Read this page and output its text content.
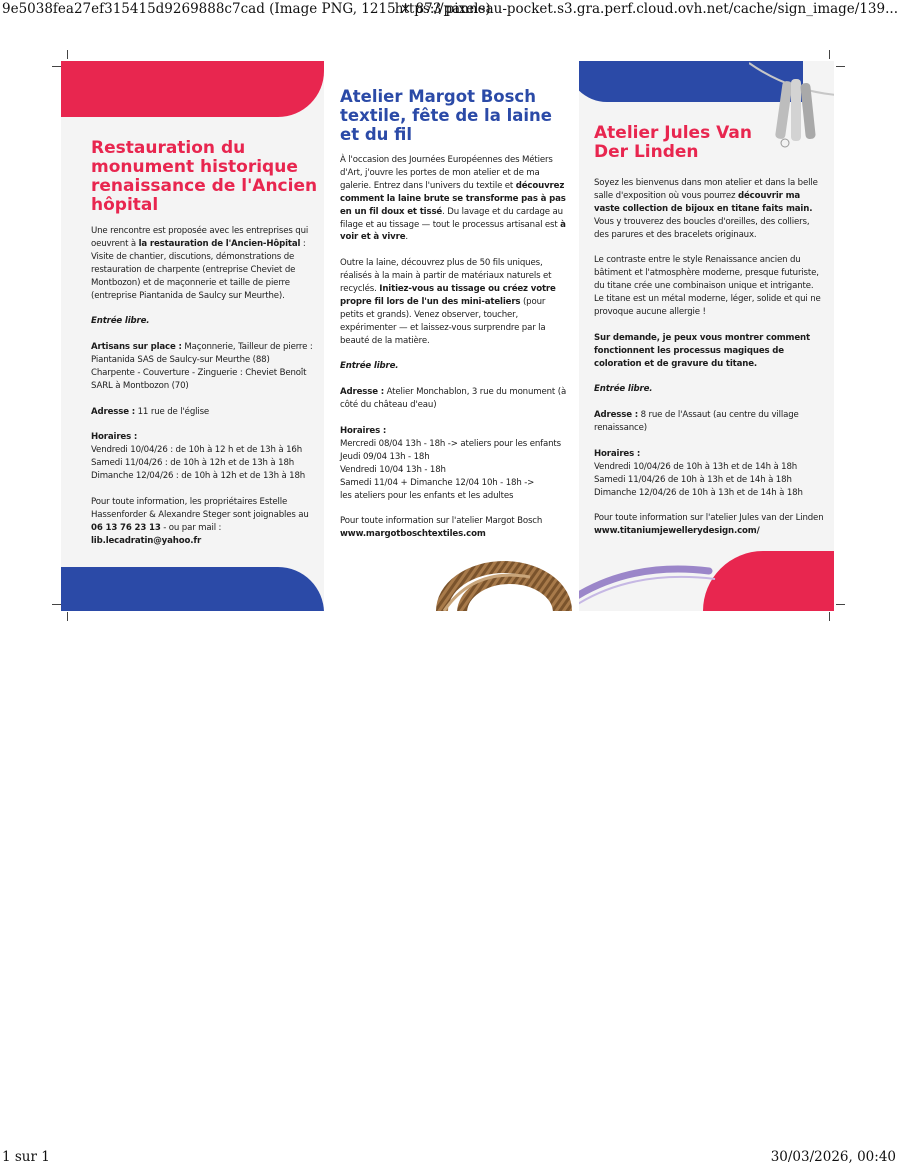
9e5038fea27ef315415d9269888c7cad (Image PNG, 1215 × 873 pixels)
https://panneau-pocket.s3.gra.perf.cloud.ovh.net/cache/sign_image/139...
1 sur 1	30/03/2026, 00:40
Restauration du monument historique renaissance de l'Ancien hôpital

Une rencontre est proposée avec les entreprises qui oeuvrent à la restauration de l'Ancien-Hôpital : Visite de chantier, discutions, démonstrations de restauration de charpente (entreprise Cheviet de Montbozon) et de maçonnerie et taille de pierre (entreprise Piantanida de Saulcy sur Meurthe).

Entrée libre.

Artisans sur place : Maçonnerie, Tailleur de pierre : Piantanida SAS de Saulcy-sur Meurthe (88) Charpente - Couverture - Zinguerie : Cheviet Benoît SARL à Montbozon (70)

Adresse : 11 rue de l'église

Horaires :
Vendredi 10/04/26 : de 10h à 12 h et de 13h à 16h
Samedi 11/04/26 : de 10h à 12h et de 13h à 18h
Dimanche 12/04/26 : de 10h à 12h et de 13h à 18h

Pour toute information, les propriétaires Estelle Hassenforder & Alexandre Steger sont joignables au 06 13 76 23 13 - ou par mail :
lib.lecadratin@yahoo.fr

Atelier Margot Bosch textile, fête de la laine et du fil

À l'occasion des Journées Européennes des Métiers d'Art, j'ouvre les portes de mon atelier et de ma galerie. Entrez dans l'univers du textile et découvrez comment la laine brute se transforme pas à pas en un fil doux et tissé. Du lavage et du cardage au filage et au tissage — tout le processus artisanal est à voir et à vivre.

Outre la laine, découvrez plus de 50 fils uniques, réalisés à la main à partir de matériaux naturels et recyclés. Initiez-vous au tissage ou créez votre propre fil lors de l'un des mini-ateliers (pour petits et grands). Venez observer, toucher, expérimenter — et laissez-vous surprendre par la beauté de la matière.

Entrée libre.

Adresse : Atelier Monchablon, 3 rue du monument (à côté du château d'eau)

Horaires :
Mercredi 08/04 13h - 18h -> ateliers pour les enfants
Jeudi 09/04 13h - 18h
Vendredi 10/04 13h - 18h
Samedi 11/04 + Dimanche 12/04 10h - 18h ->
les ateliers pour les enfants et les adultes

Pour toute information sur l'atelier Margot Bosch
www.margotboschtextiles.com

Atelier Jules Van Der Linden

Soyez les bienvenus dans mon atelier et dans la belle salle d'exposition où vous pourrez découvrir ma vaste collection de bijoux en titane faits main. Vous y trouverez des boucles d'oreilles, des colliers, des parures et des bracelets originaux.

Le contraste entre le style Renaissance ancien du bâtiment et l'atmosphère moderne, presque futuriste, du titane crée une combinaison unique et intrigante. Le titane est un métal moderne, léger, solide et qui ne provoque aucune allergie !

Sur demande, je peux vous montrer comment fonctionnent les processus magiques de coloration et de gravure du titane.

Entrée libre.

Adresse : 8 rue de l'Assaut (au centre du village renaissance)

Horaires :
Vendredi 10/04/26 de 10h à 13h et de 14h à 18h
Samedi 11/04/26 de 10h à 13h et de 14h à 18h
Dimanche 12/04/26 de 10h à 13h et de 14h à 18h

Pour toute information sur l'atelier Jules van der Linden www.titaniumjewellerydesign.com/
